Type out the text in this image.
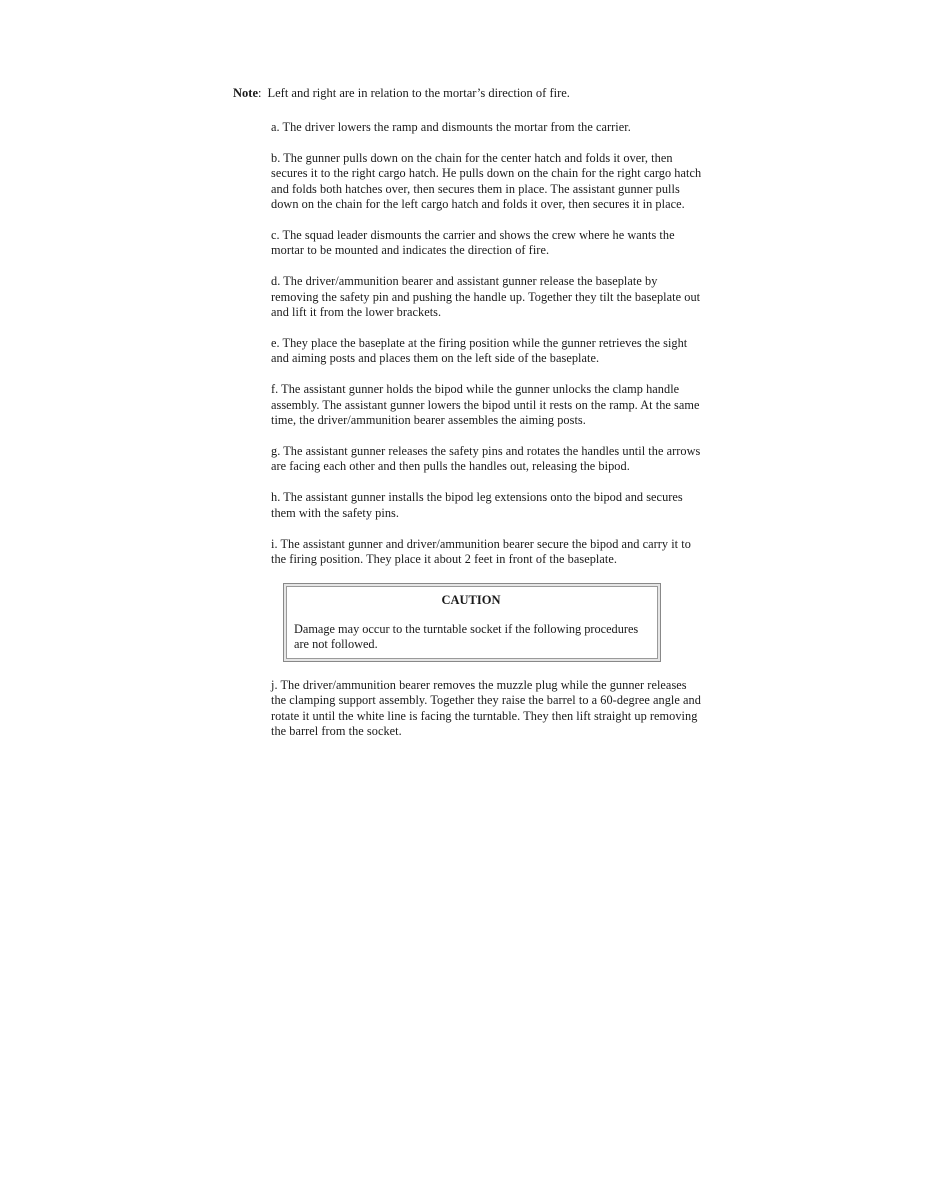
Note: Left and right are in relation to the mortar’s direction of fire.

a. The driver lowers the ramp and dismounts the mortar from the carrier.

b. The gunner pulls down on the chain for the center hatch and folds it over, then secures it to the right cargo hatch. He pulls down on the chain for the right cargo hatch and folds both hatches over, then secures them in place. The assistant gunner pulls down on the chain for the left cargo hatch and folds it over, then secures it in place.

c. The squad leader dismounts the carrier and shows the crew where he wants the mortar to be mounted and indicates the direction of fire.

d. The driver/ammunition bearer and assistant gunner release the baseplate by removing the safety pin and pushing the handle up. Together they tilt the baseplate out and lift it from the lower brackets.

e. They place the baseplate at the firing position while the gunner retrieves the sight and aiming posts and places them on the left side of the baseplate.

f. The assistant gunner holds the bipod while the gunner unlocks the clamp handle assembly. The assistant gunner lowers the bipod until it rests on the ramp. At the same time, the driver/ammunition bearer assembles the aiming posts.

g. The assistant gunner releases the safety pins and rotates the handles until the arrows are facing each other and then pulls the handles out, releasing the bipod.

h. The assistant gunner installs the bipod leg extensions onto the bipod and secures them with the safety pins.

i. The assistant gunner and driver/ammunition bearer secure the bipod and carry it to the firing position. They place it about 2 feet in front of the baseplate.

CAUTION
Damage may occur to the turntable socket if the following procedures are not followed.

j. The driver/ammunition bearer removes the muzzle plug while the gunner releases the clamping support assembly. Together they raise the barrel to a 60-degree angle and rotate it until the white line is facing the turntable. They then lift straight up removing the barrel from the socket.
